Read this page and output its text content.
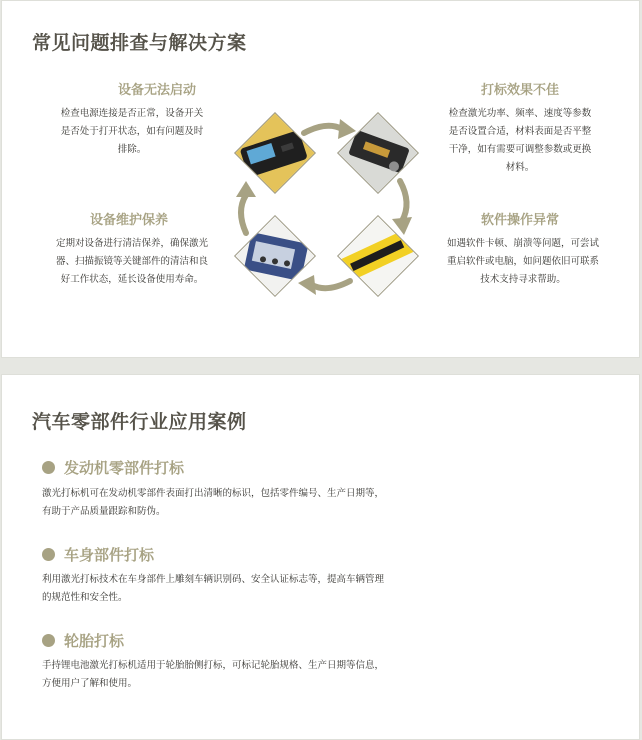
常见问题排查与解决方案
设备无法启动
检查电源连接是否正常，设备开关是否处于打开状态，如有问题及时排除。
打标效果不佳
检查激光功率、频率、速度等参数是否设置合适，材料表面是否平整干净，如有需要可调整参数或更换材料。
设备维护保养
定期对设备进行清洁保养，确保激光器、扫描振镜等关键部件的清洁和良好工作状态，延长设备使用寿命。
软件操作异常
如遇软件卡顿、崩溃等问题，可尝试重启软件或电脑，如问题依旧可联系技术支持寻求帮助。
汽车零部件行业应用案例
发动机零部件打标
激光打标机可在发动机零部件表面打出清晰的标识，包括零件编号、生产日期等，有助于产品质量跟踪和防伪。
车身部件打标
利用激光打标技术在车身部件上雕刻车辆识别码、安全认证标志等，提高车辆管理的规范性和安全性。
轮胎打标
手持锂电池激光打标机适用于轮胎胎侧打标，可标记轮胎规格、生产日期等信息，方便用户了解和使用。
